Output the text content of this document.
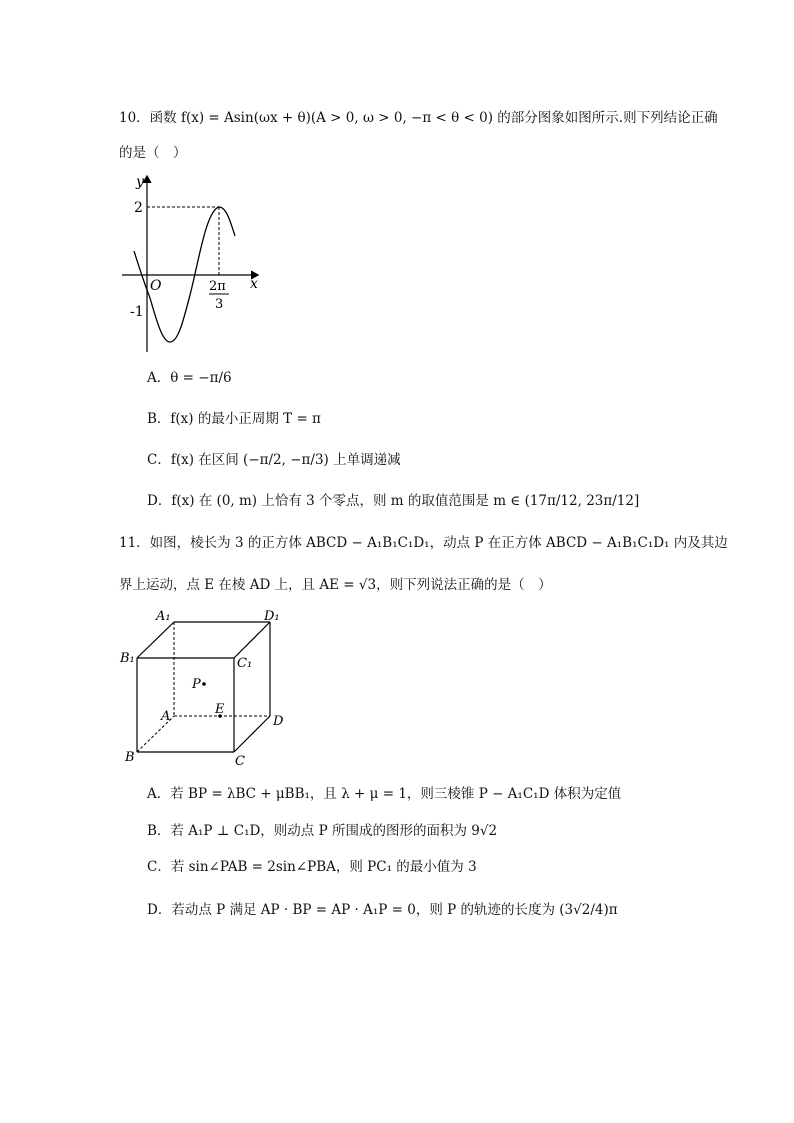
10．函数 f(x) = Asin(ωx + θ)(A > 0, ω > 0, −π < θ < 0) 的部分图象如图所示.则下列结论正确
的是（　）
y
x
O
2
-1
2π
3
A．θ = −π/6
B．f(x) 的最小正周期 T = π
C．f(x) 在区间 (−π/2, −π/3) 上单调递减
D．f(x) 在 (0, m) 上恰有 3 个零点，则 m 的取值范围是 m ∈ (17π/12, 23π/12]
11．如图，棱长为 3 的正方体 ABCD − A₁B₁C₁D₁，动点 P 在正方体 ABCD − A₁B₁C₁D₁ 内及其边
界上运动，点 E 在棱 AD 上，且 AE = √3，则下列说法正确的是（　）
A₁	D₁
B₁	C₁
P
E
A	D
B	C
A．若 BP = λBC + μBB₁，且 λ + μ = 1，则三棱锥 P − A₁C₁D 体积为定值
B．若 A₁P ⊥ C₁D，则动点 P 所围成的图形的面积为 9√2
C．若 sin∠PAB = 2sin∠PBA，则 PC₁ 的最小值为 3
D．若动点 P 满足 AP · BP = AP · A₁P = 0，则 P 的轨迹的长度为 (3√2/4)π
